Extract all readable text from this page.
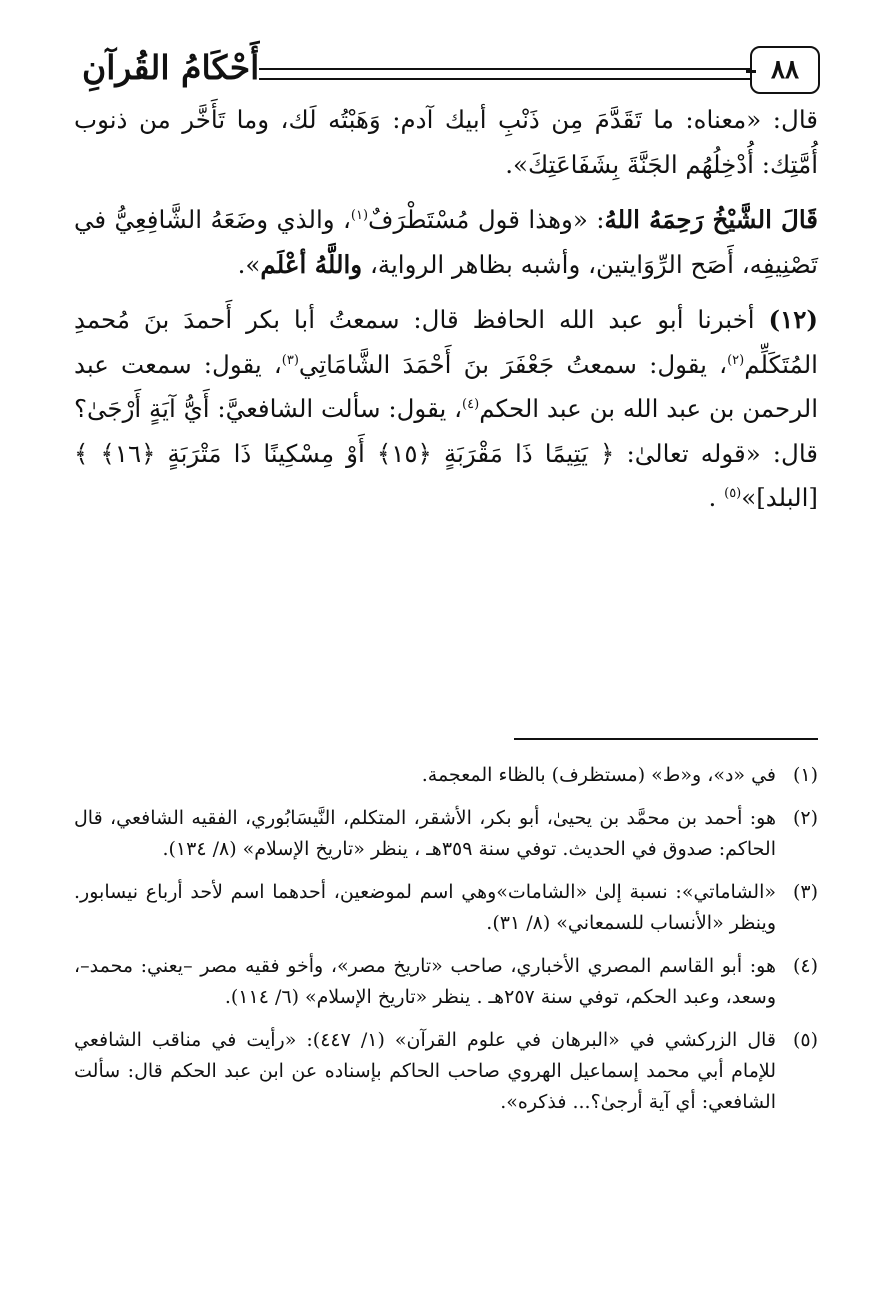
٨٨
أَحْكَامُ القُرآنِ

قال: «معناه: ما تَقَدَّمَ مِن ذَنْبِ أبيك آدم: وَهَبْتُه لَك، وما تَأَخَّر من ذنوب أُمَّتِك: أُدْخِلُهُم الجَنَّةَ بِشَفَاعَتِكَ».

قَالَ الشَّيْخُ رَحِمَهُ اللهُ: «وهذا قول مُسْتَطْرَفٌ$^{(١)}$، والذي وضَعَهُ الشَّافِعِيُّ في تَصْنِيفِه، أَصَح الرِّوَايتين، وأشبه بظاهر الرواية، واللَّهُ أعْلَم».

(١٢) أخبرنا أبو عبد الله الحافظ قال: سمعتُ أبا بكر أَحمدَ بنَ مُحمدِ المُتَكَلِّم$^{(٢)}$، يقول: سمعتُ جَعْفَرَ بنَ أَحْمَدَ الشَّامَاتِي$^{(٣)}$، يقول: سمعت عبد الرحمن بن عبد الله بن عبد الحكم$^{(٤)}$، يقول: سألت الشافعيَّ: أَيُّ آيَةٍ أَرْجَىٰ؟ قال: «قوله تعالىٰ: ﴿ يَتِيمًا ذَا مَقْرَبَةٍ ﴿١٥﴾ أَوْ مِسْكِينًا ذَا مَتْرَبَةٍ ﴿١٦﴾ ﴾ [البلد]»$^{(٥)}$ .

(١)
في «د»، و«ط» (مستظرف) بالظاء المعجمة.
(٢)
هو: أحمد بن محمَّد بن يحيىٰ، أبو بكر، الأشقر، المتكلم، النَّيسَابُوري، الفقيه الشافعي، قال الحاكم: صدوق في الحديث. توفي سنة ٣٥٩هـ ، ينظر «تاريخ الإسلام» (٨/ ١٣٤).
(٣)
«الشاماتي»: نسبة إلىٰ «الشامات»وهي اسم لموضعين، أحدهما اسم لأحد أرباع نيسابور. وينظر «الأنساب للسمعاني» (٨/ ٣١).
(٤)
هو: أبو القاسم المصري الأخباري، صاحب «تاريخ مصر»، وأخو فقيه مصر –يعني: محمد–، وسعد، وعبد الحكم، توفي سنة ٢٥٧هـ . ينظر «تاريخ الإسلام» (٦/ ١١٤).
(٥)
قال الزركشي في «البرهان في علوم القرآن» (١/ ٤٤٧): «رأيت في مناقب الشافعي للإمام أبي محمد إسماعيل الهروي صاحب الحاكم بإسناده عن ابن عبد الحكم قال: سألت الشافعي: أي آية أرجىٰ؟... فذكره».
